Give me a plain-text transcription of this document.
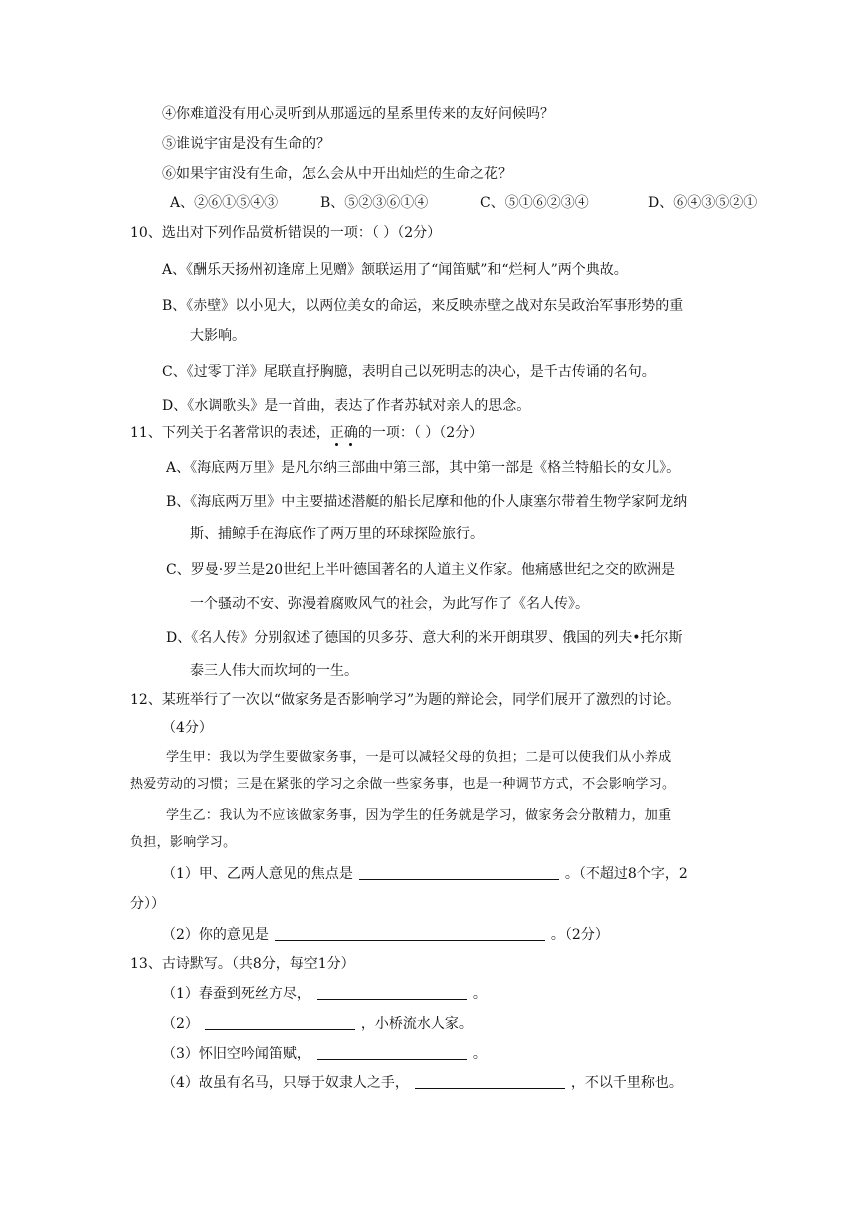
④你难道没有用心灵听到从那遥远的星系里传来的友好问候吗？
⑤谁说宇宙是没有生命的？
⑥如果宇宙没有生命，怎么会从中开出灿烂的生命之花？
A、②⑥①⑤④③	B、⑤②③⑥①④	C、⑤①⑥②③④	D、⑥④③⑤②①
10、选出对下列作品赏析错误的一项：（ ）（2分）
A、《酬乐天扬州初逢席上见赠》颔联运用了“闻笛赋”和“烂柯人”两个典故。
B、《赤壁》以小见大，以两位美女的命运，来反映赤壁之战对东吴政治军事形势的重
大影响。
C、《过零丁洋》尾联直抒胸臆，表明自己以死明志的决心，是千古传诵的名句。
D、《水调歌头》是一首曲，表达了作者苏轼对亲人的思念。
11、下列关于名著常识的表述，正确的一项：（ ）（2分）
A、《海底两万里》是凡尔纳三部曲中第三部，其中第一部是《格兰特船长的女儿》。
B、《海底两万里》中主要描述潜艇的船长尼摩和他的仆人康塞尔带着生物学家阿龙纳
斯、捕鲸手在海底作了两万里的环球探险旅行。
C、罗曼·罗兰是20世纪上半叶德国著名的人道主义作家。他痛感世纪之交的欧洲是
一个骚动不安、弥漫着腐败风气的社会，为此写作了《名人传》。
D、《名人传》分别叙述了德国的贝多芬、意大利的米开朗琪罗、俄国的列夫•托尔斯
泰三人伟大而坎坷的一生。
12、某班举行了一次以“做家务是否影响学习”为题的辩论会，同学们展开了激烈的讨论。
（4分）
学生甲：我以为学生要做家务事，一是可以减轻父母的负担；二是可以使我们从小养成
热爱劳动的习惯；三是在紧张的学习之余做一些家务事，也是一种调节方式，不会影响学习。
学生乙：我认为不应该做家务事，因为学生的任务就是学习，做家务会分散精力，加重
负担，影响学习。
（1）甲、乙两人意见的焦点是	。（不超过8个字，2
分））
（2）你的意见是	。（2分）
13、古诗默写。（共8分，每空1分）
（1）春蚕到死丝方尽，	。
（2）	，小桥流水人家。
（3）怀旧空吟闻笛赋，	。
（4）故虽有名马，只辱于奴隶人之手，	，不以千里称也。
